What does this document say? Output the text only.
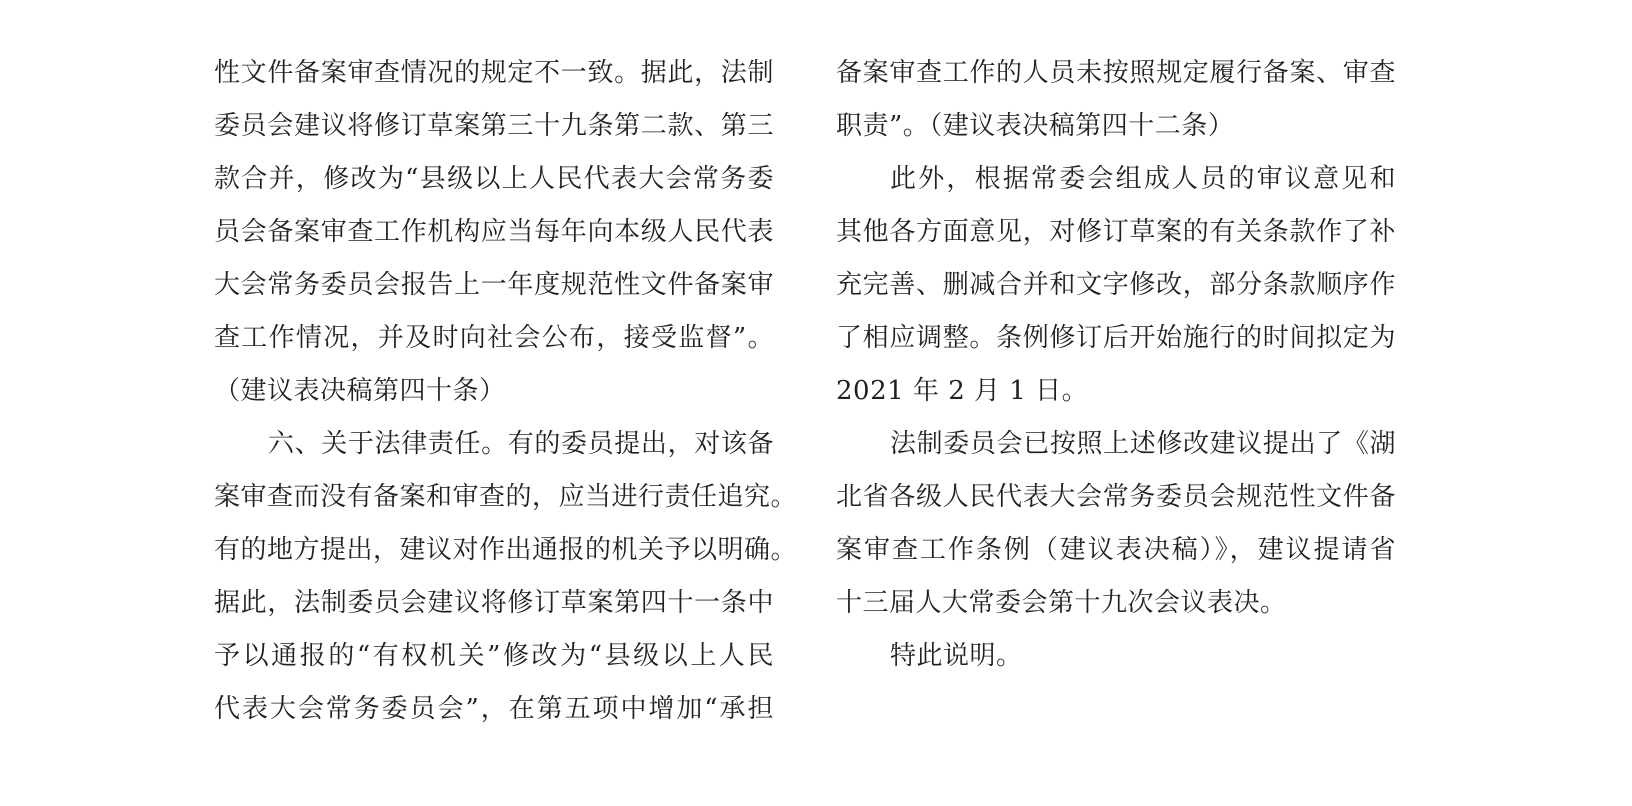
性文件备案审查情况的规定不一致。据此，法制
委员会建议将修订草案第三十九条第二款、第三
款合并，修改为“县级以上人民代表大会常务委
员会备案审查工作机构应当每年向本级人民代表
大会常务委员会报告上一年度规范性文件备案审
查工作情况，并及时向社会公布，接受监督”。
（建议表决稿第四十条）
六、关于法律责任。有的委员提出，对该备
案审查而没有备案和审查的，应当进行责任追究。
有的地方提出，建议对作出通报的机关予以明确。
据此，法制委员会建议将修订草案第四十一条中
予以通报的“有权机关”修改为“县级以上人民
代表大会常务委员会”，在第五项中增加“承担
备案审查工作的人员未按照规定履行备案、审查
职责”。（建议表决稿第四十二条）
此外，根据常委会组成人员的审议意见和
其他各方面意见，对修订草案的有关条款作了补
充完善、删减合并和文字修改，部分条款顺序作
了相应调整。条例修订后开始施行的时间拟定为
2021 年 2 月 1 日。
法制委员会已按照上述修改建议提出了《湖
北省各级人民代表大会常务委员会规范性文件备
案审查工作条例（建议表决稿）》，建议提请省
十三届人大常委会第十九次会议表决。
特此说明。
